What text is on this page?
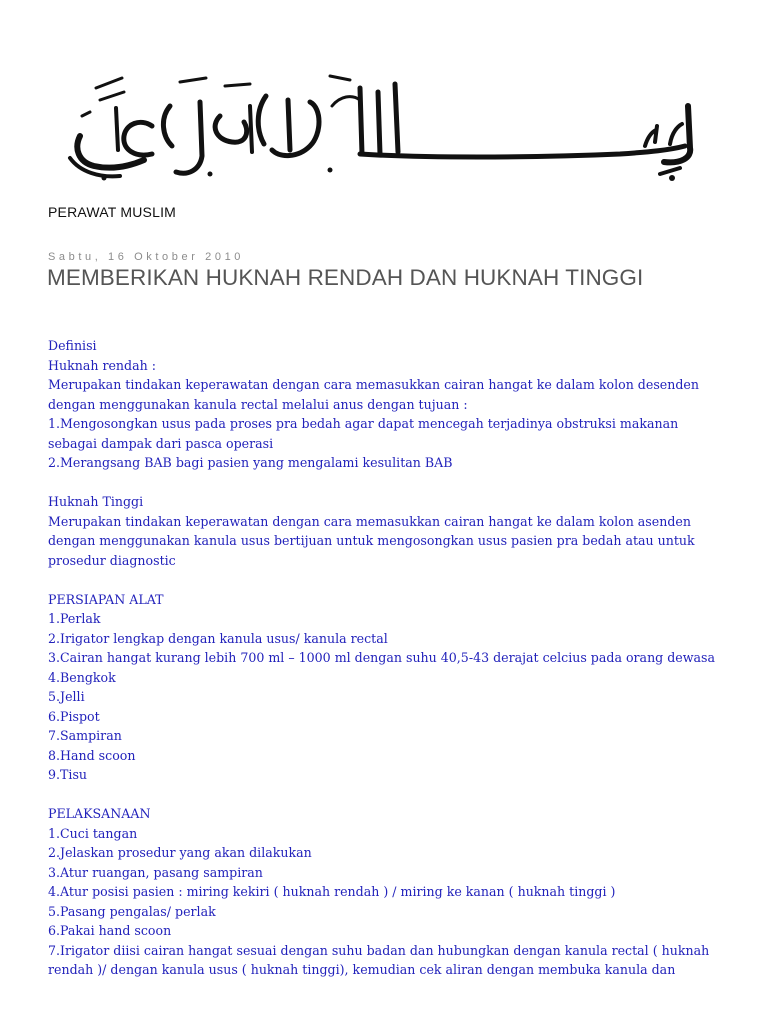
PERAWAT MUSLIM
Sabtu, 16 Oktober 2010
MEMBERIKAN HUKNAH RENDAH DAN HUKNAH TINGGI
Definisi
Huknah rendah :
Merupakan tindakan keperawatan dengan cara memasukkan cairan hangat ke dalam kolon desenden
dengan menggunakan kanula rectal melalui anus dengan tujuan :
1.Mengosongkan usus pada proses pra bedah agar dapat mencegah terjadinya obstruksi makanan
sebagai dampak dari pasca operasi
2.Merangsang BAB bagi pasien yang mengalami kesulitan BAB
Huknah Tinggi
Merupakan tindakan keperawatan dengan cara memasukkan cairan hangat ke dalam kolon asenden
dengan menggunakan kanula usus bertijuan untuk mengosongkan usus pasien pra bedah atau untuk
prosedur diagnostic
PERSIAPAN ALAT
1.Perlak
2.Irigator lengkap dengan kanula usus/ kanula rectal
3.Cairan hangat kurang lebih 700 ml – 1000 ml dengan suhu 40,5-43 derajat celcius pada orang dewasa
4.Bengkok
5.Jelli
6.Pispot
7.Sampiran
8.Hand scoon
9.Tisu
PELAKSANAAN
1.Cuci tangan
2.Jelaskan prosedur yang akan dilakukan
3.Atur ruangan, pasang sampiran
4.Atur posisi pasien : miring kekiri ( huknah rendah ) / miring ke kanan ( huknah tinggi )
5.Pasang pengalas/ perlak
6.Pakai hand scoon
7.Irigator diisi cairan hangat sesuai dengan suhu badan dan hubungkan dengan kanula rectal ( huknah
rendah )/ dengan kanula usus ( huknah tinggi), kemudian cek aliran dengan membuka kanula dan
